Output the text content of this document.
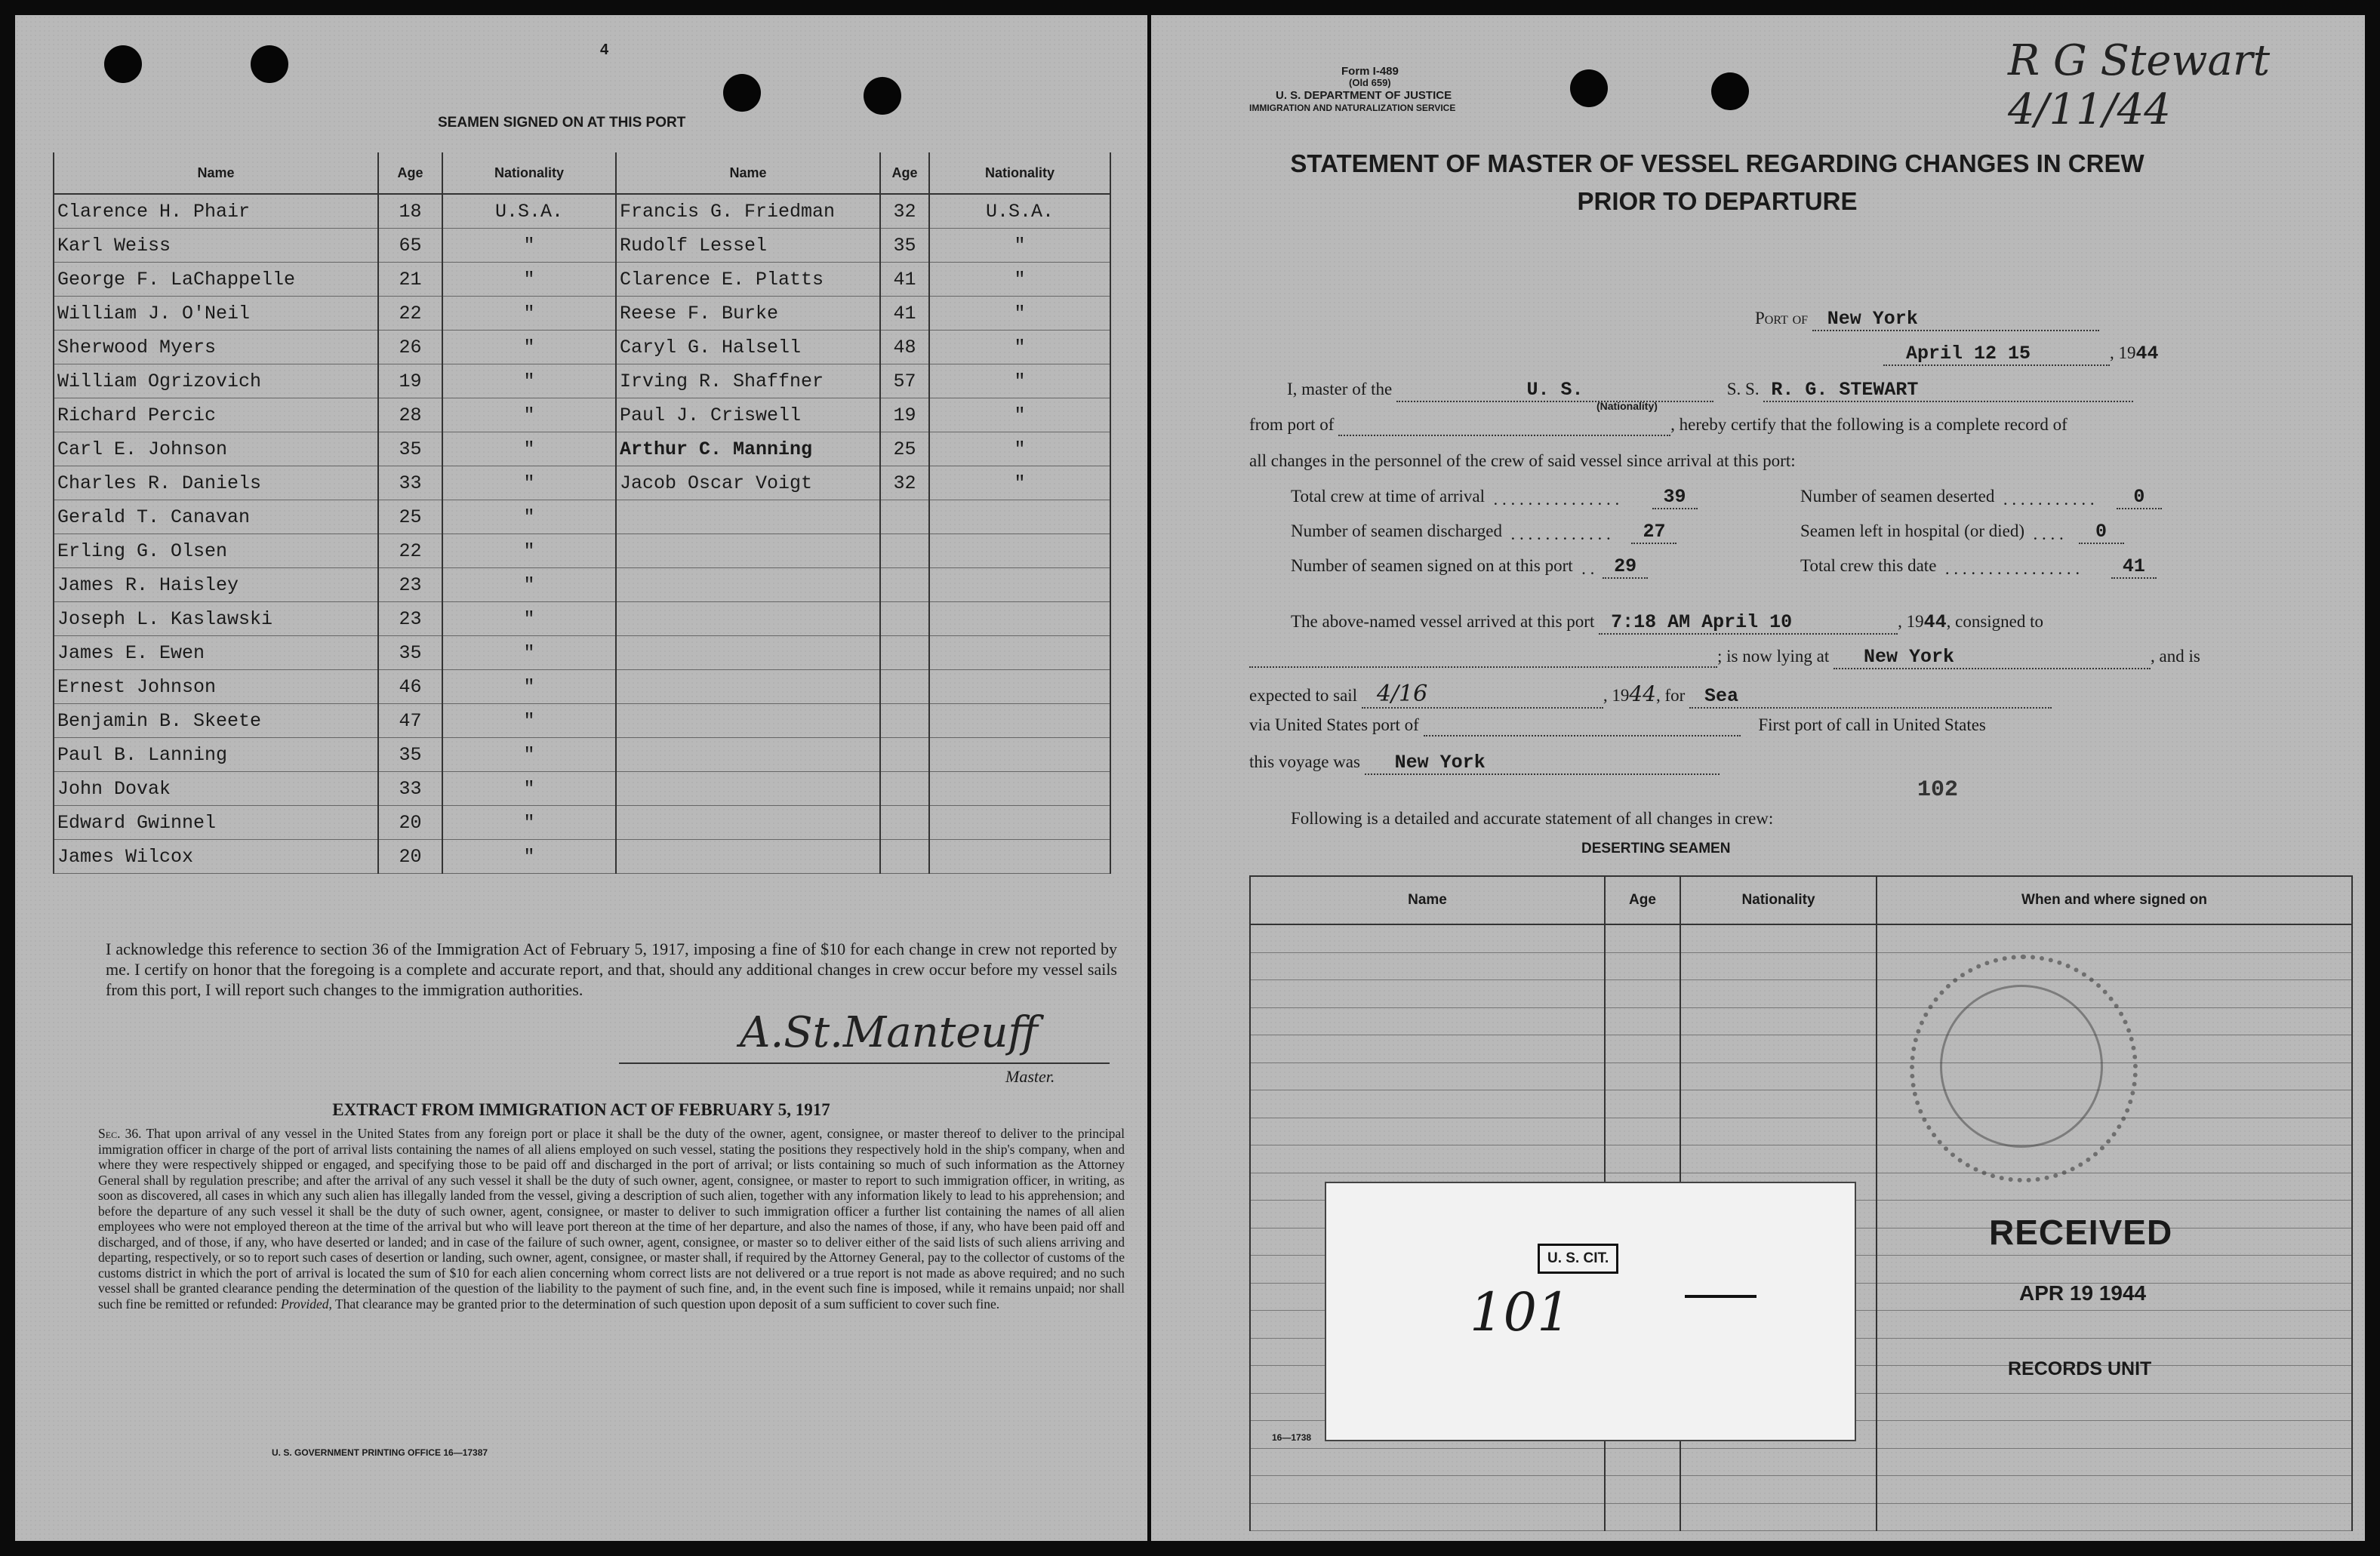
4
SEAMEN SIGNED ON AT THIS PORT
Name	Age	Nationality	Name	Age	Nationality
Clarence H. Phair	18	U.S.A.	Francis G. Friedman	32	U.S.A.
Karl Weiss	65	"	Rudolf Lessel	35	"
George F. LaChappelle	21	"	Clarence E. Platts	41	"
William J. O'Neil	22	"	Reese F. Burke	41	"
Sherwood Myers	26	"	Caryl G. Halsell	48	"
William Ogrizovich	19	"	Irving R. Shaffner	57	"
Richard Percic	28	"	Paul J. Criswell	19	"
Carl E. Johnson	35	"	Arthur C. Manning	25	"
Charles R. Daniels	33	"	Jacob Oscar Voigt	32	"
Gerald T. Canavan	25	"			
Erling G. Olsen	22	"			
James R. Haisley	23	"			
Joseph L. Kaslawski	23	"			
James E. Ewen	35	"			
Ernest Johnson	46	"			
Benjamin B. Skeete	47	"			
Paul B. Lanning	35	"			
John Dovak	33	"			
Edward Gwinnel	20	"			
James Wilcox	20	"			

I acknowledge this reference to section 36 of the Immigration Act of February 5, 1917, imposing a fine of $10 for each change in crew not reported by me. I certify on honor that the foregoing is a complete and accurate report, and that, should any additional changes in crew occur before my vessel sails from this port, I will report such changes to the immigration authorities.

A.St.Manteuff
Master.
EXTRACT FROM IMMIGRATION ACT OF FEBRUARY 5, 1917
Sec. 36. That upon arrival of any vessel in the United States from any foreign port or place it shall be the duty of the owner, agent, consignee, or master thereof to deliver to the principal immigration officer in charge of the port of arrival lists containing the names of all aliens employed on such vessel, stating the positions they respectively hold in the ship's company, when and where they were respectively shipped or engaged, and specifying those to be paid off and discharged in the port of arrival; or lists containing so much of such information as the Attorney General shall by regulation prescribe; and after the arrival of any such vessel it shall be the duty of such owner, agent, consignee, or master to report to such immigration officer, in writing, as soon as discovered, all cases in which any such alien has illegally landed from the vessel, giving a description of such alien, together with any information likely to lead to his apprehension; and before the departure of any such vessel it shall be the duty of such owner, agent, consignee, or master to deliver to such immigration officer a further list containing the names of all alien employees who were not employed thereon at the time of the arrival but who will leave port thereon at the time of her departure, and also the names of those, if any, who have been paid off and discharged, and of those, if any, who have deserted or landed; and in case of the failure of such owner, agent, consignee, or master so to deliver either of the said lists of such aliens arriving and departing, respectively, or so to report such cases of desertion or landing, such owner, agent, consignee, or master shall, if required by the Attorney General, pay to the collector of customs of the customs district in which the port of arrival is located the sum of $10 for each alien concerning whom correct lists are not delivered or a true report is not made as above required; and no such vessel shall be granted clearance pending the determination of the question of the liability to the payment of such fine, and, in the event such fine is imposed, while it remains unpaid; nor shall such fine be remitted or refunded: Provided, That clearance may be granted prior to the determination of such question upon deposit of a sum sufficient to cover such fine.
U. S. GOVERNMENT PRINTING OFFICE 16—17387
Form I-489
(Old 659)
U. S. DEPARTMENT OF JUSTICE
IMMIGRATION AND NATURALIZATION SERVICE
R G Stewart 4/11/44
STATEMENT OF MASTER OF VESSEL REGARDING CHANGES IN CREW
PRIOR TO DEPARTURE
Port of New York
April 12 15	, 1944
I, master of the	U. S.	S. S. R. G. STEWART
(Nationality)
from port of	, hereby certify that the following is a complete record of
all changes in the personnel of the crew of said vessel since arrival at this port:
Total crew at time of arrival  . . . . . . . . . . . . . . . 39
Number of seamen discharged  . . . . . . . . . . . . 27
Number of seamen signed on at this port  . . 29
Number of seamen deserted  . . . . . . . . . . . 0
Seamen left in hospital (or died)  . . . . 0
Total crew this date  . . . . . . . . . . . . . . . . 41
The above-named vessel arrived at this port 7:18 AM April 10	, 1944, consigned to
; is now lying at New York	, and is
expected to sail 4/16	, 1944, for Sea
via United States port of	First port of call in United States
this voyage was New York
102
Following is a detailed and accurate statement of all changes in crew:
DESERTING SEAMEN
Name	Age	Nationality	When and where signed on

U. S. CIT.
101
RECEIVED
APR 19 1944
RECORDS UNIT
16—1738
